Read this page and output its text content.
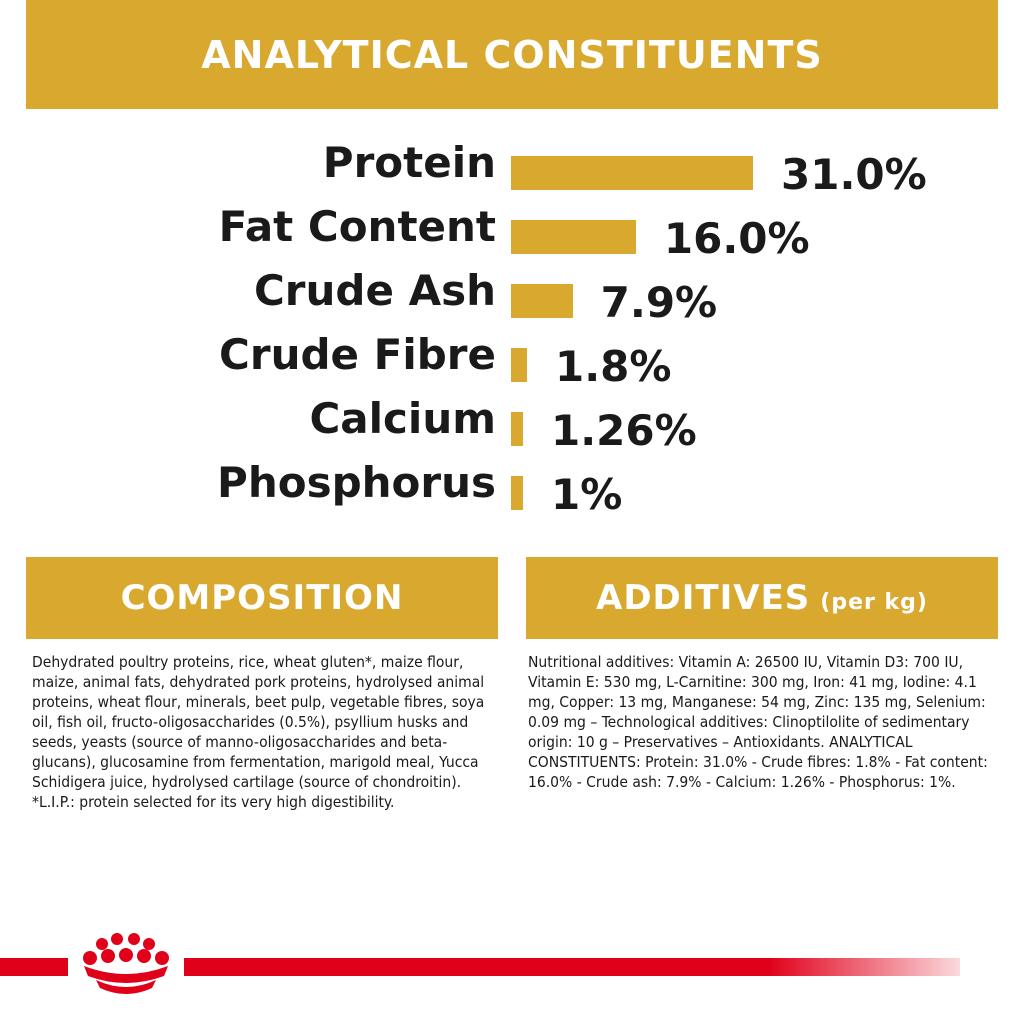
ANALYTICAL CONSTITUENTS
Protein	31.0%
Fat Content	16.0%
Crude Ash 7.9%
Crude Fibre 1.8%
Calcium 1.26%
Phosphorus 1%
COMPOSITION	ADDITIVES (per kg)
Dehydrated poultry proteins, rice, wheat gluten*, maize flour, maize, animal fats, dehydrated pork proteins, hydrolysed animal proteins, wheat flour, minerals, beet pulp, vegetable fibres, soya oil, fish oil, fructo-oligosaccharides (0.5%), psyllium husks and seeds, yeasts (source of manno-oligosaccharides and beta-glucans), glucosamine from fermentation, marigold meal, Yucca Schidigera juice, hydrolysed cartilage (source of chondroitin).
*L.I.P.: protein selected for its very high digestibility.
Nutritional additives: Vitamin A: 26500 IU, Vitamin D3: 700 IU, Vitamin E: 530 mg, L-Carnitine: 300 mg, Iron: 41 mg, Iodine: 4.1 mg, Copper: 13 mg, Manganese: 54 mg, Zinc: 135 mg, Selenium: 0.09 mg – Technological additives: Clinoptilolite of sedimentary origin: 10 g – Preservatives – Antioxidants. ANALYTICAL CONSTITUENTS: Protein: 31.0% - Crude fibres: 1.8% - Fat content: 16.0% - Crude ash: 7.9% - Calcium: 1.26% - Phosphorus: 1%.
